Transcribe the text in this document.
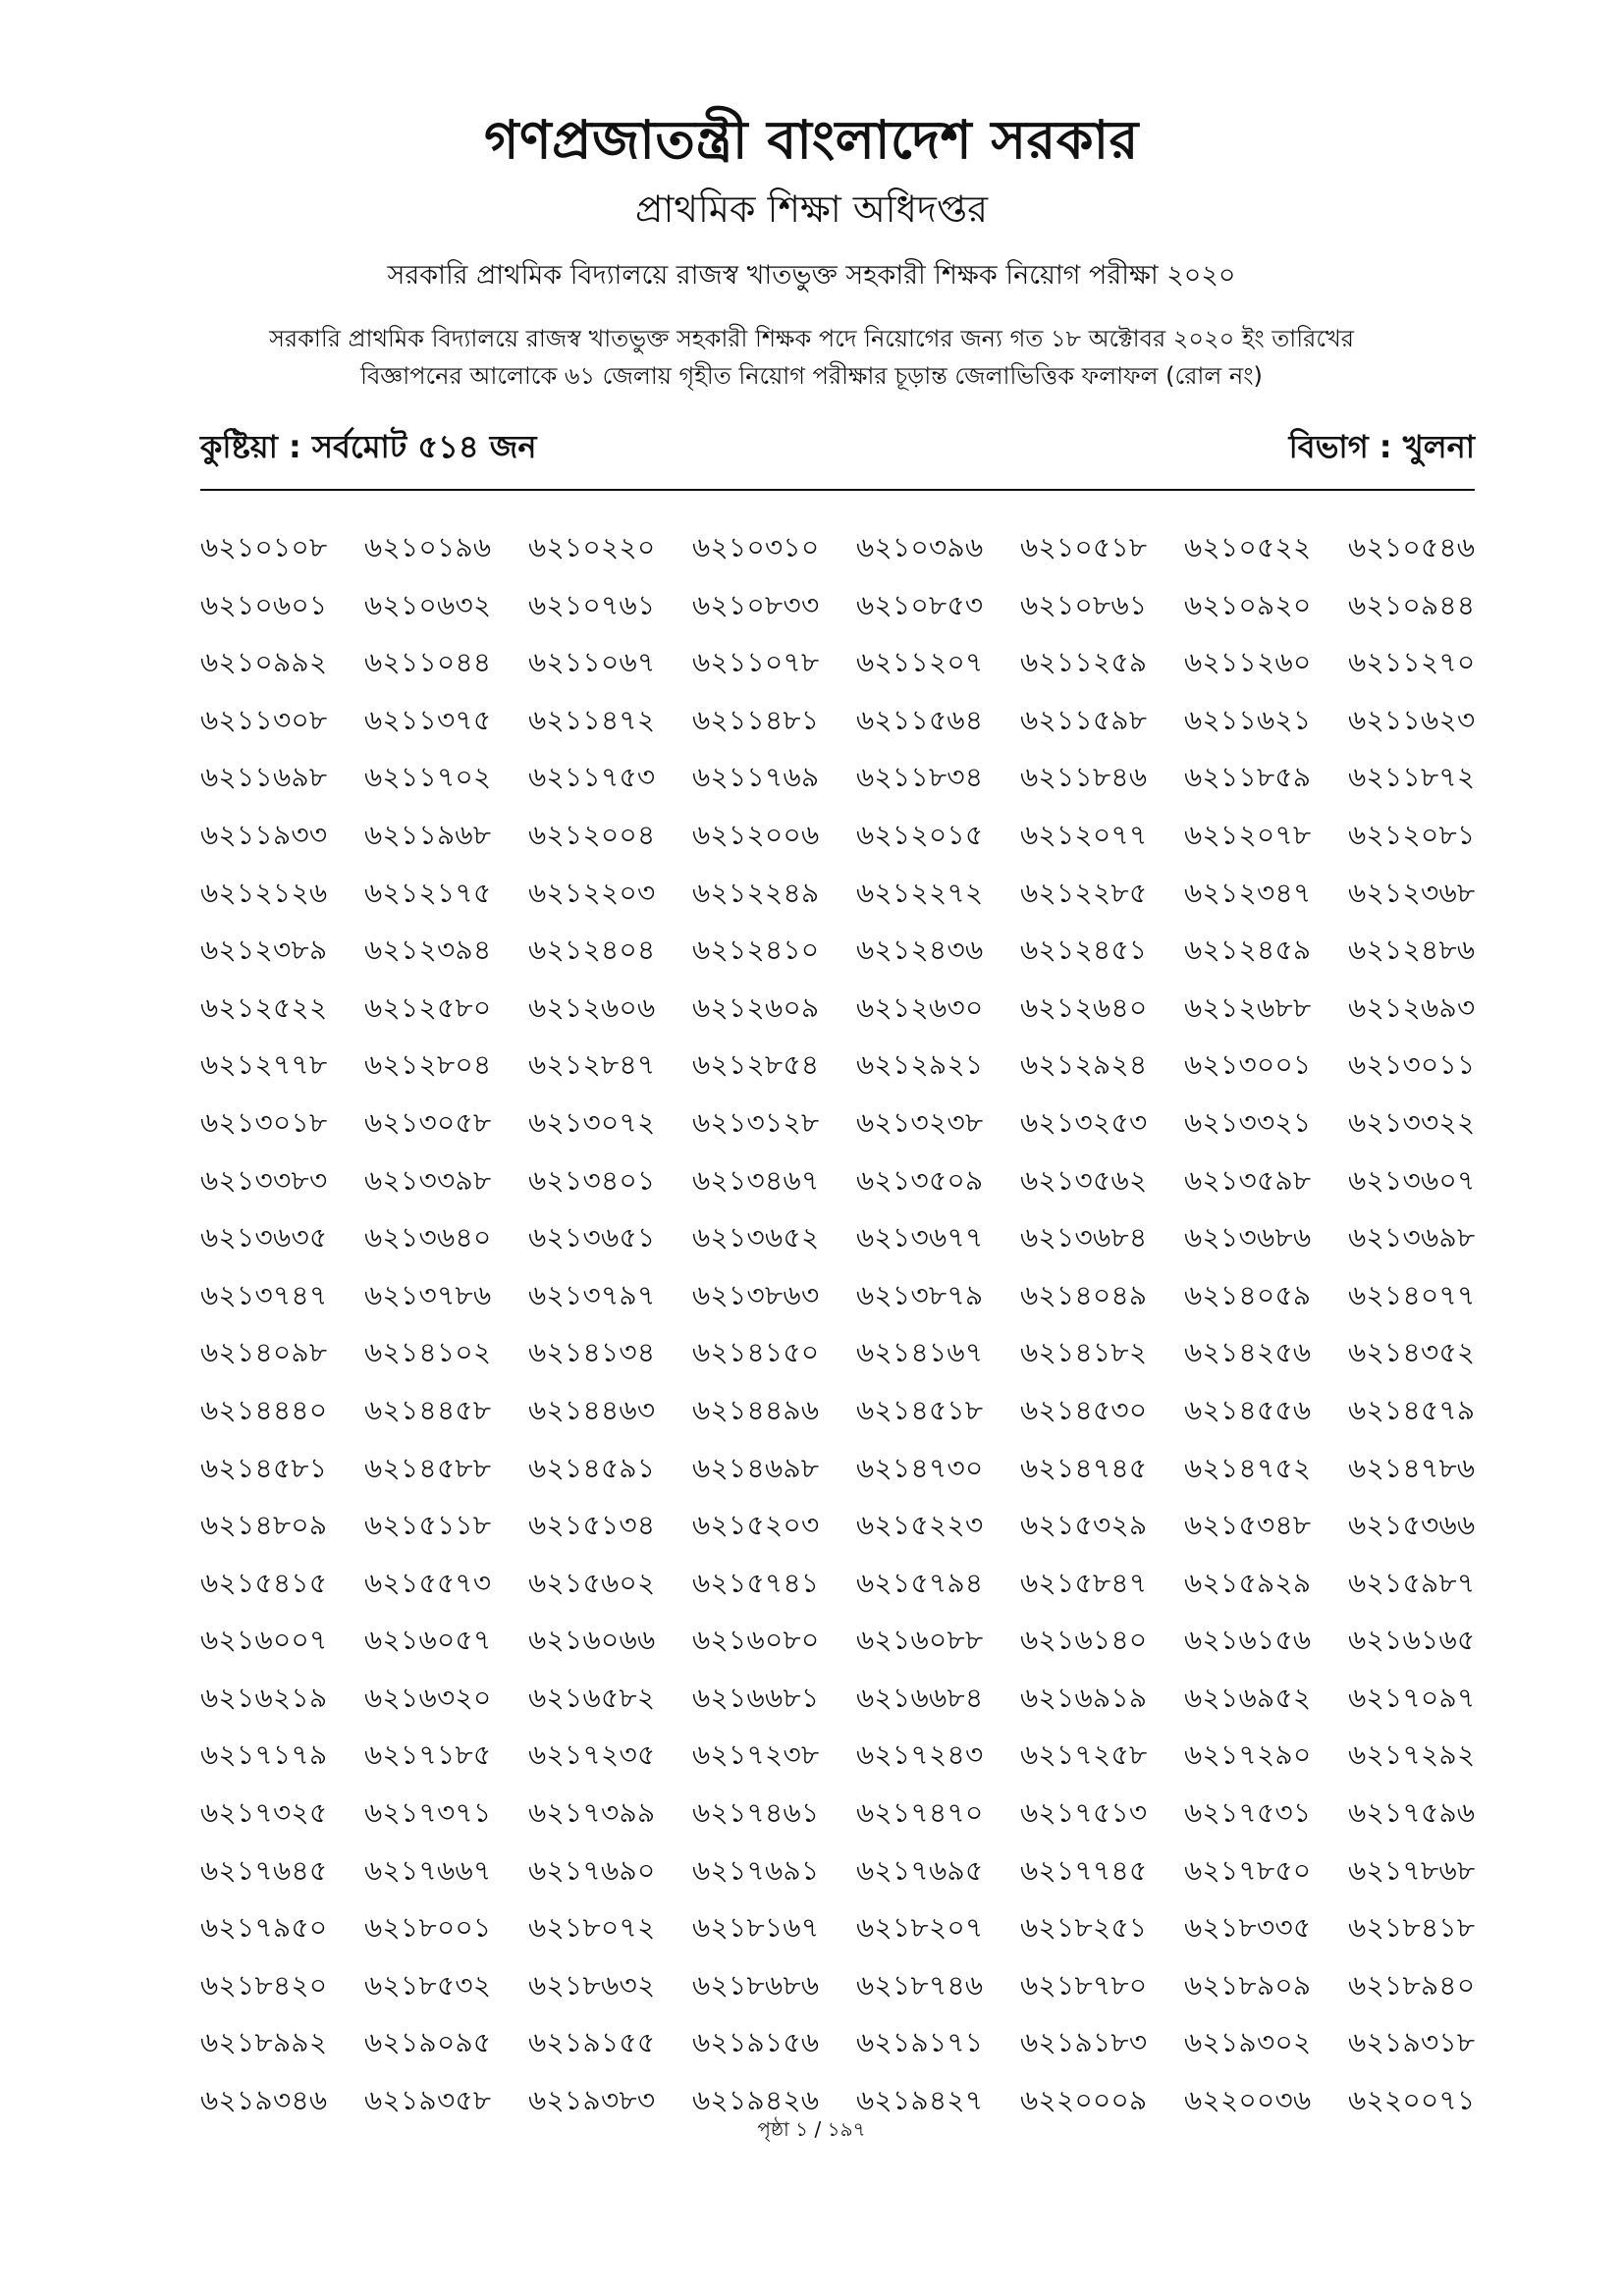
গণপ্রজাতন্ত্রী বাংলাদেশ সরকার
প্রাথমিক শিক্ষা অধিদপ্তর
সরকারি প্রাথমিক বিদ্যালয়ে রাজস্ব খাতভুক্ত সহকারী শিক্ষক নিয়োগ পরীক্ষা ২০২০
সরকারি প্রাথমিক বিদ্যালয়ে রাজস্ব খাতভুক্ত সহকারী শিক্ষক পদে নিয়োগের জন্য গত ১৮ অক্টোবর ২০২০ ইং তারিখের
বিজ্ঞাপনের আলোকে ৬১ জেলায় গৃহীত নিয়োগ পরীক্ষার চূড়ান্ত জেলাভিত্তিক ফলাফল (রোল নং)
কুষ্টিয়া : সর্বমোট ৫১৪ জন	বিভাগ : খুলনা
৬২১০১০৮	৬২১০১৯৬	৬২১০২২০	৬২১০৩১০	৬২১০৩৯৬	৬২১০৫১৮	৬২১০৫২২	৬২১০৫৪৬
৬২১০৬০১	৬২১০৬৩২	৬২১০৭৬১	৬২১০৮৩৩	৬২১০৮৫৩	৬২১০৮৬১	৬২১০৯২০	৬২১০৯৪৪
৬২১০৯৯২	৬২১১০৪৪	৬২১১০৬৭	৬২১১০৭৮	৬২১১২০৭	৬২১১২৫৯	৬২১১২৬০	৬২১১২৭০
৬২১১৩০৮	৬২১১৩৭৫	৬২১১৪৭২	৬২১১৪৮১	৬২১১৫৬৪	৬২১১৫৯৮	৬২১১৬২১	৬২১১৬২৩
৬২১১৬৯৮	৬২১১৭০২	৬২১১৭৫৩	৬২১১৭৬৯	৬২১১৮৩৪	৬২১১৮৪৬	৬২১১৮৫৯	৬২১১৮৭২
৬২১১৯৩৩	৬২১১৯৬৮	৬২১২০০৪	৬২১২০০৬	৬২১২০১৫	৬২১২০৭৭	৬২১২০৭৮	৬২১২০৮১
৬২১২১২৬	৬২১২১৭৫	৬২১২২০৩	৬২১২২৪৯	৬২১২২৭২	৬২১২২৮৫	৬২১২৩৪৭	৬২১২৩৬৮
৬২১২৩৮৯	৬২১২৩৯৪	৬২১২৪০৪	৬২১২৪১০	৬২১২৪৩৬	৬২১২৪৫১	৬২১২৪৫৯	৬২১২৪৮৬
৬২১২৫২২	৬২১২৫৮০	৬২১২৬০৬	৬২১২৬০৯	৬২১২৬৩০	৬২১২৬৪০	৬২১২৬৮৮	৬২১২৬৯৩
৬২১২৭৭৮	৬২১২৮০৪	৬২১২৮৪৭	৬২১২৮৫৪	৬২১২৯২১	৬২১২৯২৪	৬২১৩০০১	৬২১৩০১১
৬২১৩০১৮	৬২১৩০৫৮	৬২১৩০৭২	৬২১৩১২৮	৬২১৩২৩৮	৬২১৩২৫৩	৬২১৩৩২১	৬২১৩৩২২
৬২১৩৩৮৩	৬২১৩৩৯৮	৬২১৩৪০১	৬২১৩৪৬৭	৬২১৩৫০৯	৬২১৩৫৬২	৬২১৩৫৯৮	৬২১৩৬০৭
৬২১৩৬৩৫	৬২১৩৬৪০	৬২১৩৬৫১	৬২১৩৬৫২	৬২১৩৬৭৭	৬২১৩৬৮৪	৬২১৩৬৮৬	৬২১৩৬৯৮
৬২১৩৭৪৭	৬২১৩৭৮৬	৬২১৩৭৯৭	৬২১৩৮৬৩	৬২১৩৮৭৯	৬২১৪০৪৯	৬২১৪০৫৯	৬২১৪০৭৭
৬২১৪০৯৮	৬২১৪১০২	৬২১৪১৩৪	৬২১৪১৫০	৬২১৪১৬৭	৬২১৪১৮২	৬২১৪২৫৬	৬২১৪৩৫২
৬২১৪৪৪০	৬২১৪৪৫৮	৬২১৪৪৬৩	৬২১৪৪৯৬	৬২১৪৫১৮	৬২১৪৫৩০	৬২১৪৫৫৬	৬২১৪৫৭৯
৬২১৪৫৮১	৬২১৪৫৮৮	৬২১৪৫৯১	৬২১৪৬৯৮	৬২১৪৭৩০	৬২১৪৭৪৫	৬২১৪৭৫২	৬২১৪৭৮৬
৬২১৪৮০৯	৬২১৫১১৮	৬২১৫১৩৪	৬২১৫২০৩	৬২১৫২২৩	৬২১৫৩২৯	৬২১৫৩৪৮	৬২১৫৩৬৬
৬২১৫৪১৫	৬২১৫৫৭৩	৬২১৫৬০২	৬২১৫৭৪১	৬২১৫৭৯৪	৬২১৫৮৪৭	৬২১৫৯২৯	৬২১৫৯৮৭
৬২১৬০০৭	৬২১৬০৫৭	৬২১৬০৬৬	৬২১৬০৮০	৬২১৬০৮৮	৬২১৬১৪০	৬২১৬১৫৬	৬২১৬১৬৫
৬২১৬২১৯	৬২১৬৩২০	৬২১৬৫৮২	৬২১৬৬৮১	৬২১৬৬৮৪	৬২১৬৯১৯	৬২১৬৯৫২	৬২১৭০৯৭
৬২১৭১৭৯	৬২১৭১৮৫	৬২১৭২৩৫	৬২১৭২৩৮	৬২১৭২৪৩	৬২১৭২৫৮	৬২১৭২৯০	৬২১৭২৯২
৬২১৭৩২৫	৬২১৭৩৭১	৬২১৭৩৯৯	৬২১৭৪৬১	৬২১৭৪৭০	৬২১৭৫১৩	৬২১৭৫৩১	৬২১৭৫৯৬
৬২১৭৬৪৫	৬২১৭৬৬৭	৬২১৭৬৯০	৬২১৭৬৯১	৬২১৭৬৯৫	৬২১৭৭৪৫	৬২১৭৮৫০	৬২১৭৮৬৮
৬২১৭৯৫০	৬২১৮০০১	৬২১৮০৭২	৬২১৮১৬৭	৬২১৮২০৭	৬২১৮২৫১	৬২১৮৩৩৫	৬২১৮৪১৮
৬২১৮৪২০	৬২১৮৫৩২	৬২১৮৬৩২	৬২১৮৬৮৬	৬২১৮৭৪৬	৬২১৮৭৮০	৬২১৮৯০৯	৬২১৮৯৪০
৬২১৮৯৯২	৬২১৯০৯৫	৬২১৯১৫৫	৬২১৯১৫৬	৬২১৯১৭১	৬২১৯১৮৩	৬২১৯৩০২	৬২১৯৩১৮
৬২১৯৩৪৬	৬২১৯৩৫৮	৬২১৯৩৮৩	৬২১৯৪২৬	৬২১৯৪২৭	৬২২০০০৯	৬২২০০৩৬	৬২২০০৭১
পৃষ্ঠা ১ / ১৯৭
